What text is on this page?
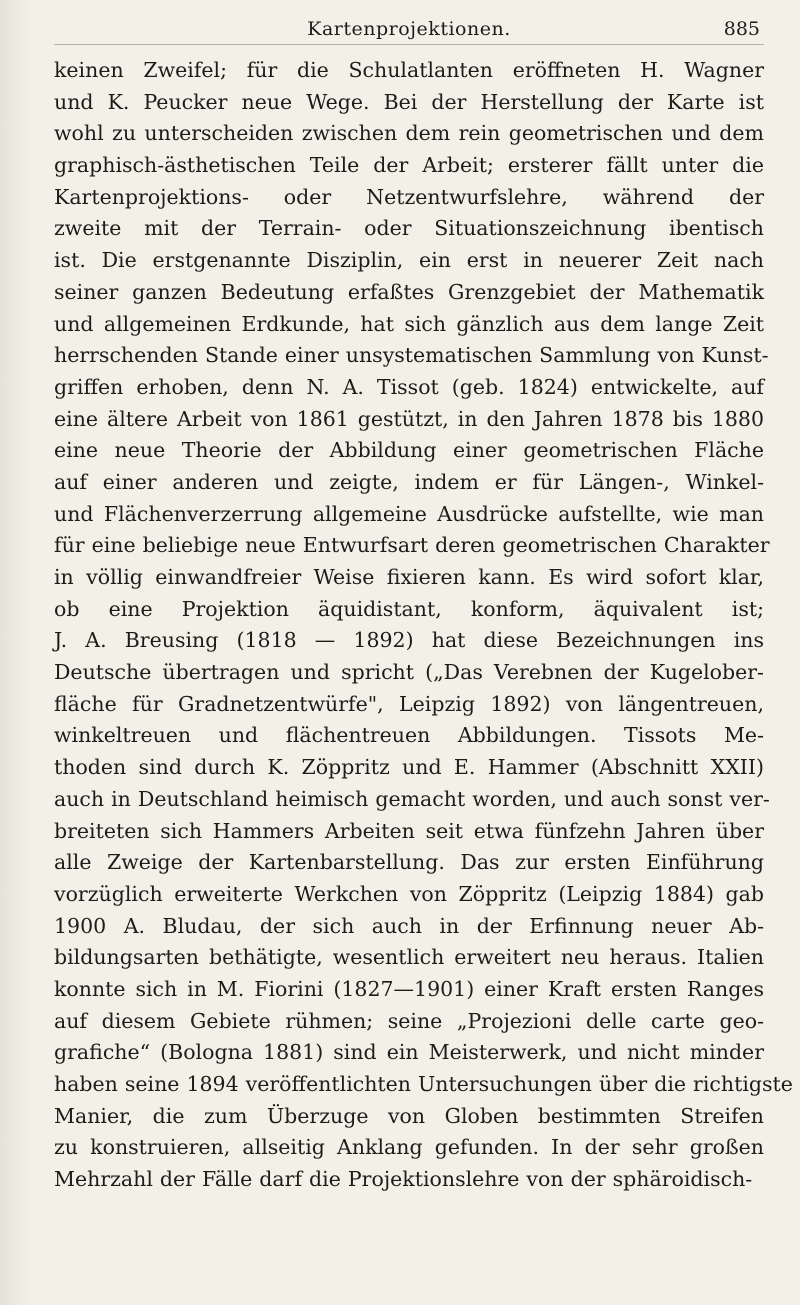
Kartenprojektionen.	885
keinen Zweifel; für die Schulatlanten eröffneten H. Wagner
und K. Peucker neue Wege. Bei der Herstellung der Karte ist
wohl zu unterscheiden zwischen dem rein geometrischen und dem
graphisch-ästhetischen Teile der Arbeit; ersterer fällt unter die
Kartenprojektions- oder Netzentwurfslehre, während der
zweite mit der Terrain- oder Situationszeichnung ibentisch
ist. Die erstgenannte Disziplin, ein erst in neuerer Zeit nach
seiner ganzen Bedeutung erfaßtes Grenzgebiet der Mathematik
und allgemeinen Erdkunde, hat sich gänzlich aus dem lange Zeit
herrschenden Stande einer unsystematischen Sammlung von Kunst-
griffen erhoben, denn N. A. Tissot (geb. 1824) entwickelte, auf
eine ältere Arbeit von 1861 gestützt, in den Jahren 1878 bis 1880
eine neue Theorie der Abbildung einer geometrischen Fläche
auf einer anderen und zeigte, indem er für Längen-, Winkel-
und Flächenverzerrung allgemeine Ausdrücke aufstellte, wie man
für eine beliebige neue Entwurfsart deren geometrischen Charakter
in völlig einwandfreier Weise fixieren kann. Es wird sofort klar,
ob eine Projektion äquidistant, konform, äquivalent ist;
J. A. Breusing (1818 — 1892) hat diese Bezeichnungen ins
Deutsche übertragen und spricht („Das Verebnen der Kugelober-
fläche für Gradnetzentwürfe", Leipzig 1892) von längentreuen,
winkeltreuen und flächentreuen Abbildungen. Tissots Me-
thoden sind durch K. Zöppritz und E. Hammer (Abschnitt XXII)
auch in Deutschland heimisch gemacht worden, und auch sonst ver-
breiteten sich Hammers Arbeiten seit etwa fünfzehn Jahren über
alle Zweige der Kartenbarstellung. Das zur ersten Einführung
vorzüglich erweiterte Werkchen von Zöppritz (Leipzig 1884) gab
1900 A. Bludau, der sich auch in der Erfinnung neuer Ab-
bildungsarten bethätigte, wesentlich erweitert neu heraus. Italien
konnte sich in M. Fiorini (1827—1901) einer Kraft ersten Ranges
auf diesem Gebiete rühmen; seine „Projezioni delle carte geo-
grafiche“ (Bologna 1881) sind ein Meisterwerk, und nicht minder
haben seine 1894 veröffentlichten Untersuchungen über die richtigste
Manier, die zum Überzuge von Globen bestimmten Streifen
zu konstruieren, allseitig Anklang gefunden. In der sehr großen
Mehrzahl der Fälle darf die Projektionslehre von der sphäroidisch-
